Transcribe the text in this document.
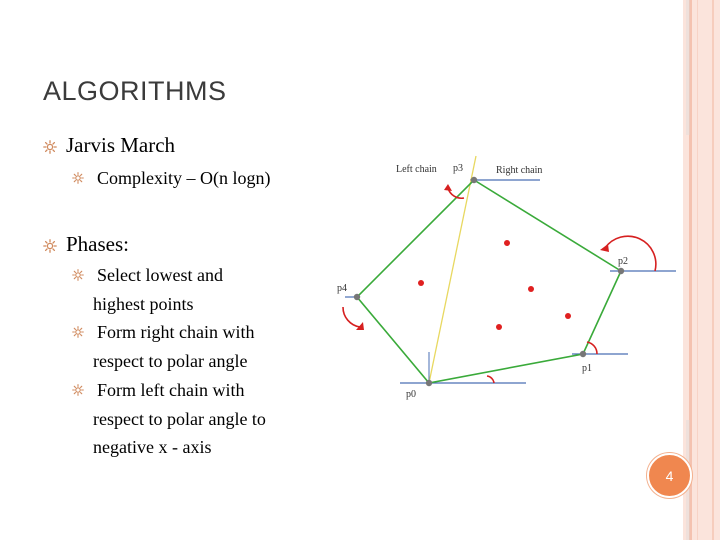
ALGORITHMS
Jarvis March
Complexity – O(n logn)
Phases:
Select lowest and
highest points
Form right chain with
respect to polar angle
Form left chain with
respect to polar angle to
negative x - axis
Left chain	Right chain
p3
p2
p4
p1
p0
4
